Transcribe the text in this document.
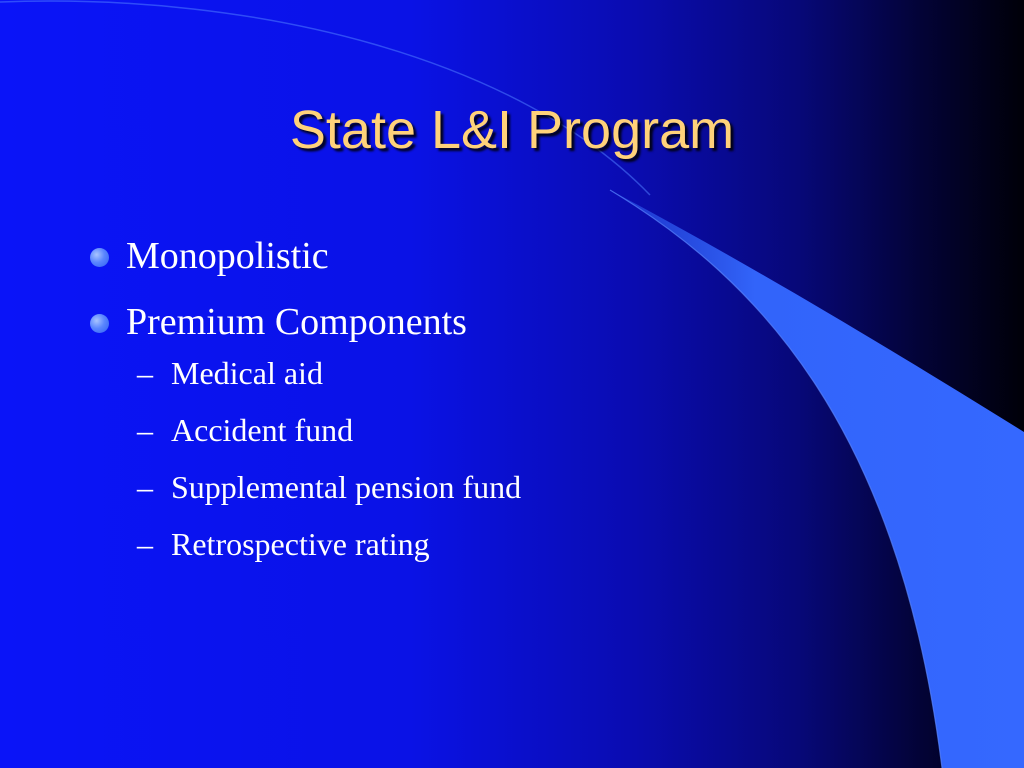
State L&I Program
Monopolistic
Premium Components
– Medical aid
– Accident fund
– Supplemental pension fund
– Retrospective rating
